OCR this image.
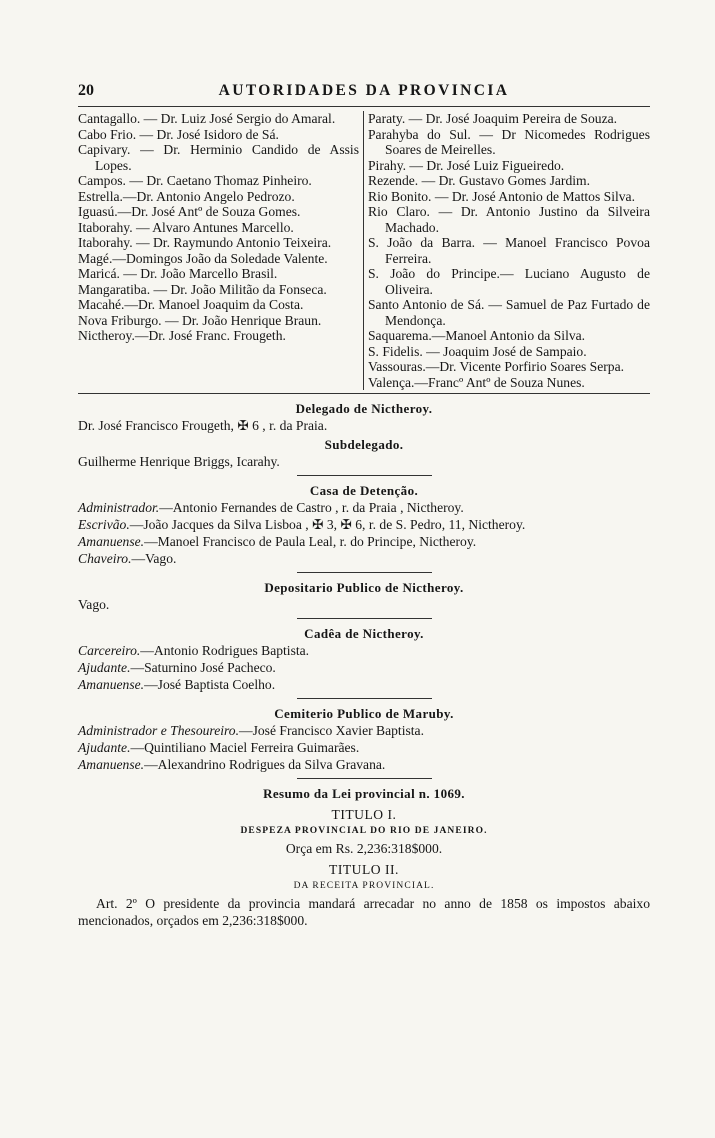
20	AUTORIDADES DA PROVINCIA
Cantagallo. — Dr. Luiz José Sergio do Amaral.
Cabo Frio. — Dr. José Isidoro de Sá.
Capivary. — Dr. Herminio Candido de Assis Lopes.
Campos. — Dr. Caetano Thomaz Pinheiro.
Estrella.—Dr. Antonio Angelo Pedrozo.
Iguasú.—Dr. José Antº de Souza Gomes.
Itaborahy. — Alvaro Antunes Marcello.
Itaborahy. — Dr. Raymundo Antonio Teixeira.
Magé.—Domingos João da Soledade Valente.
Maricá. — Dr. João Marcello Brasil.
Mangaratiba. — Dr. João Militão da Fonseca.
Macahé.—Dr. Manoel Joaquim da Costa.
Nova Friburgo. — Dr. João Henrique Braun.
Nictheroy.—Dr. José Franc. Frougeth.
Paraty. — Dr. José Joaquim Pereira de Souza.
Parahyba do Sul. — Dr Nicomedes Rodrigues Soares de Meirelles.
Pirahy. — Dr. José Luiz Figueiredo.
Rezende. — Dr. Gustavo Gomes Jardim.
Rio Bonito. — Dr. José Antonio de Mattos Silva.
Rio Claro. — Dr. Antonio Justino da Silveira Machado.
S. João da Barra. — Manoel Francisco Povoa Ferreira.
S. João do Principe.— Luciano Augusto de Oliveira.
Santo Antonio de Sá. — Samuel de Paz Furtado de Mendonça.
Saquarema.—Manoel Antonio da Silva.
S. Fidelis. — Joaquim José de Sampaio.
Vassouras.—Dr. Vicente Porfirio Soares Serpa.
Valença.—Francº Antº de Souza Nunes.
Delegado de Nictheroy.
Dr. José Francisco Frougeth, ✠ 6 , r. da Praia.
Subdelegado.
Guilherme Henrique Briggs, Icarahy.
Casa de Detenção.
Administrador.—Antonio Fernandes de Castro , r. da Praia , Nictheroy.
Escrivão.—João Jacques da Silva Lisboa , ✠ 3, ✠ 6, r. de S. Pedro, 11, Nictheroy.
Amanuense.—Manoel Francisco de Paula Leal, r. do Principe, Nictheroy.
Chaveiro.—Vago.
Depositario Publico de Nictheroy.
Vago.
Cadêa de Nictheroy.
Carcereiro.—Antonio Rodrigues Baptista.
Ajudante.—Saturnino José Pacheco.
Amanuense.—José Baptista Coelho.
Cemiterio Publico de Maruby.
Administrador e Thesoureiro.—José Francisco Xavier Baptista.
Ajudante.—Quintiliano Maciel Ferreira Guimarães.
Amanuense.—Alexandrino Rodrigues da Silva Gravana.
Resumo da Lei provincial n. 1069.
TITULO I.
DESPEZA PROVINCIAL DO RIO DE JANEIRO.
Orça em Rs. 2,236:318$000.
TITULO II.
DA RECEITA PROVINCIAL.
Art. 2º O presidente da provincia mandará arrecadar no anno de 1858 os impostos abaixo mencionados, orçados em 2,236:318$000.
